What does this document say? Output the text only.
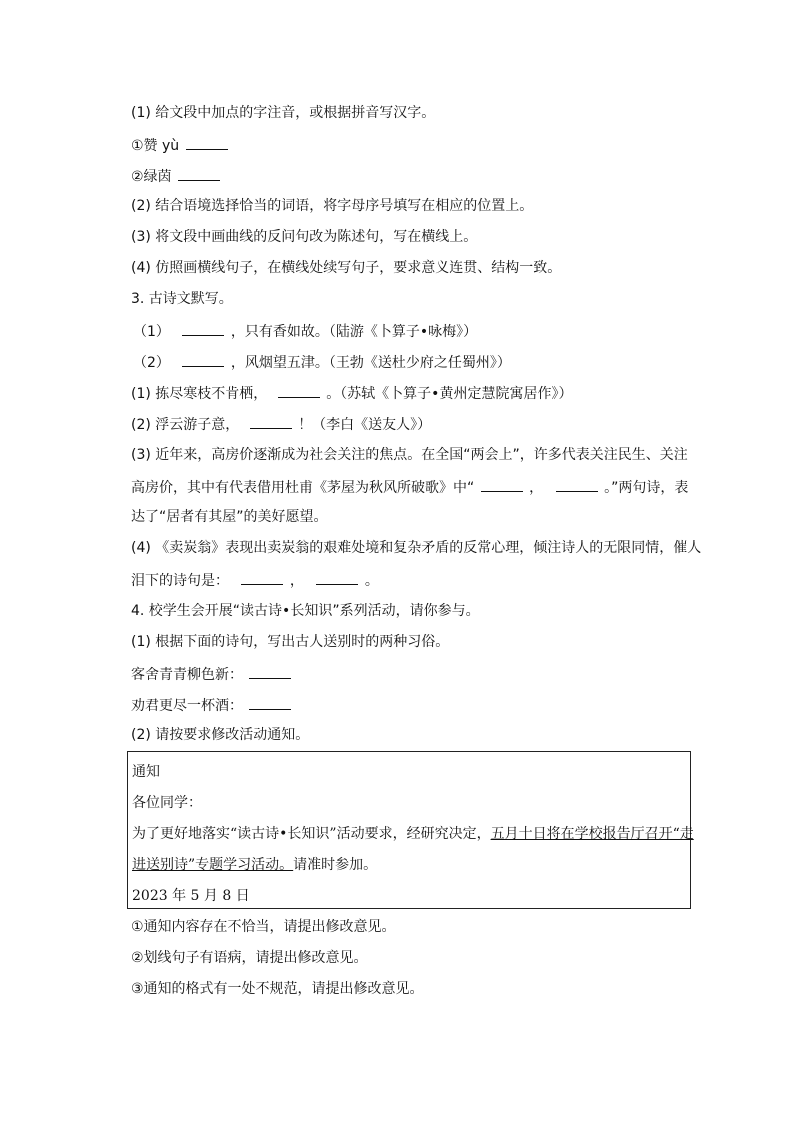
(1) 给文段中加点的字注音，或根据拼音写汉字。
①赞 yù
②绿茵
(2) 结合语境选择恰当的词语，将字母序号填写在相应的位置上。
(3) 将文段中画曲线的反问句改为陈述句，写在横线上。
(4) 仿照画横线句子，在横线处续写句子，要求意义连贯、结构一致。
3. 古诗文默写。
（1）	，只有香如故。（陆游《卜算子•咏梅》）
（2）	，风烟望五津。（王勃《送杜少府之任蜀州》）
(1) 拣尽寒枝不肯栖，	。（苏轼《卜算子•黄州定慧院寓居作》）
(2) 浮云游子意，	！（李白《送友人》）
(3) 近年来，高房价逐渐成为社会关注的焦点。在全国“两会上”，许多代表关注民生、关注
高房价，其中有代表借用杜甫《茅屋为秋风所破歌》中“	，	。”两句诗，表
达了“居者有其屋”的美好愿望。
(4) 《卖炭翁》表现出卖炭翁的艰难处境和复杂矛盾的反常心理，倾注诗人的无限同情，催人
泪下的诗句是：	，	。
4. 校学生会开展“读古诗•长知识”系列活动，请你参与。
(1) 根据下面的诗句，写出古人送别时的两种习俗。
客舍青青柳色新：
劝君更尽一杯酒：
(2) 请按要求修改活动通知。
通知
各位同学：
为了更好地落实“读古诗•长知识”活动要求，经研究决定，五月十日将在学校报告厅召开“走
进送别诗”专题学习活动。请准时参加。
2023 年 5 月 8 日
①通知内容存在不恰当，请提出修改意见。
②划线句子有语病，请提出修改意见。
③通知的格式有一处不规范，请提出修改意见。
